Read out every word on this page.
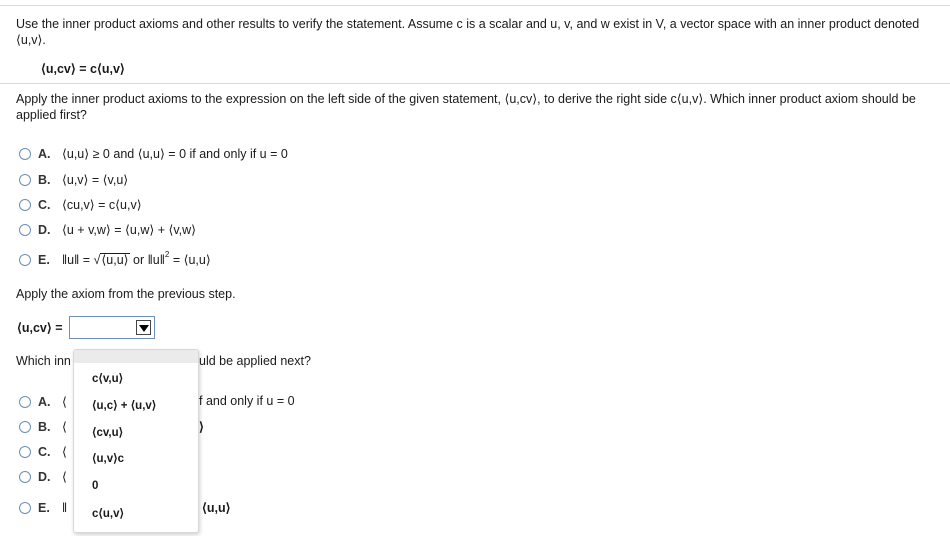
Use the inner product axioms and other results to verify the statement. Assume c is a scalar and u, v, and w exist in V, a vector space with an inner product denoted ⟨u,v⟩.
⟨u,cv⟩ = c⟨u,v⟩
Apply the inner product axioms to the expression on the left side of the given statement, ⟨u,cv⟩, to derive the right side c⟨u,v⟩. Which inner product axiom should be applied first?
A. ⟨u,u⟩ ≥ 0 and ⟨u,u⟩ = 0 if and only if u = 0
B. ⟨u,v⟩ = ⟨v,u⟩
C. ⟨cu,v⟩ = c⟨u,v⟩
D. ⟨u + v,w⟩ = ⟨u,w⟩ + ⟨v,w⟩
E. ‖u‖ = √⟨u,u⟩ or ‖u‖$^2$ = ⟨u,u⟩
Apply the axiom from the previous step.
⟨u,cv⟩ =
Which inn	uld be applied next?
A. ⟨	f and only if u = 0
B. ⟨	⟩
C. ⟨
D. ⟨
E. ‖	⟨u,u⟩
c⟨v,u⟩
⟨u,c⟩ + ⟨u,v⟩
⟨cv,u⟩
⟨u,v⟩c
0
c⟨u,v⟩
